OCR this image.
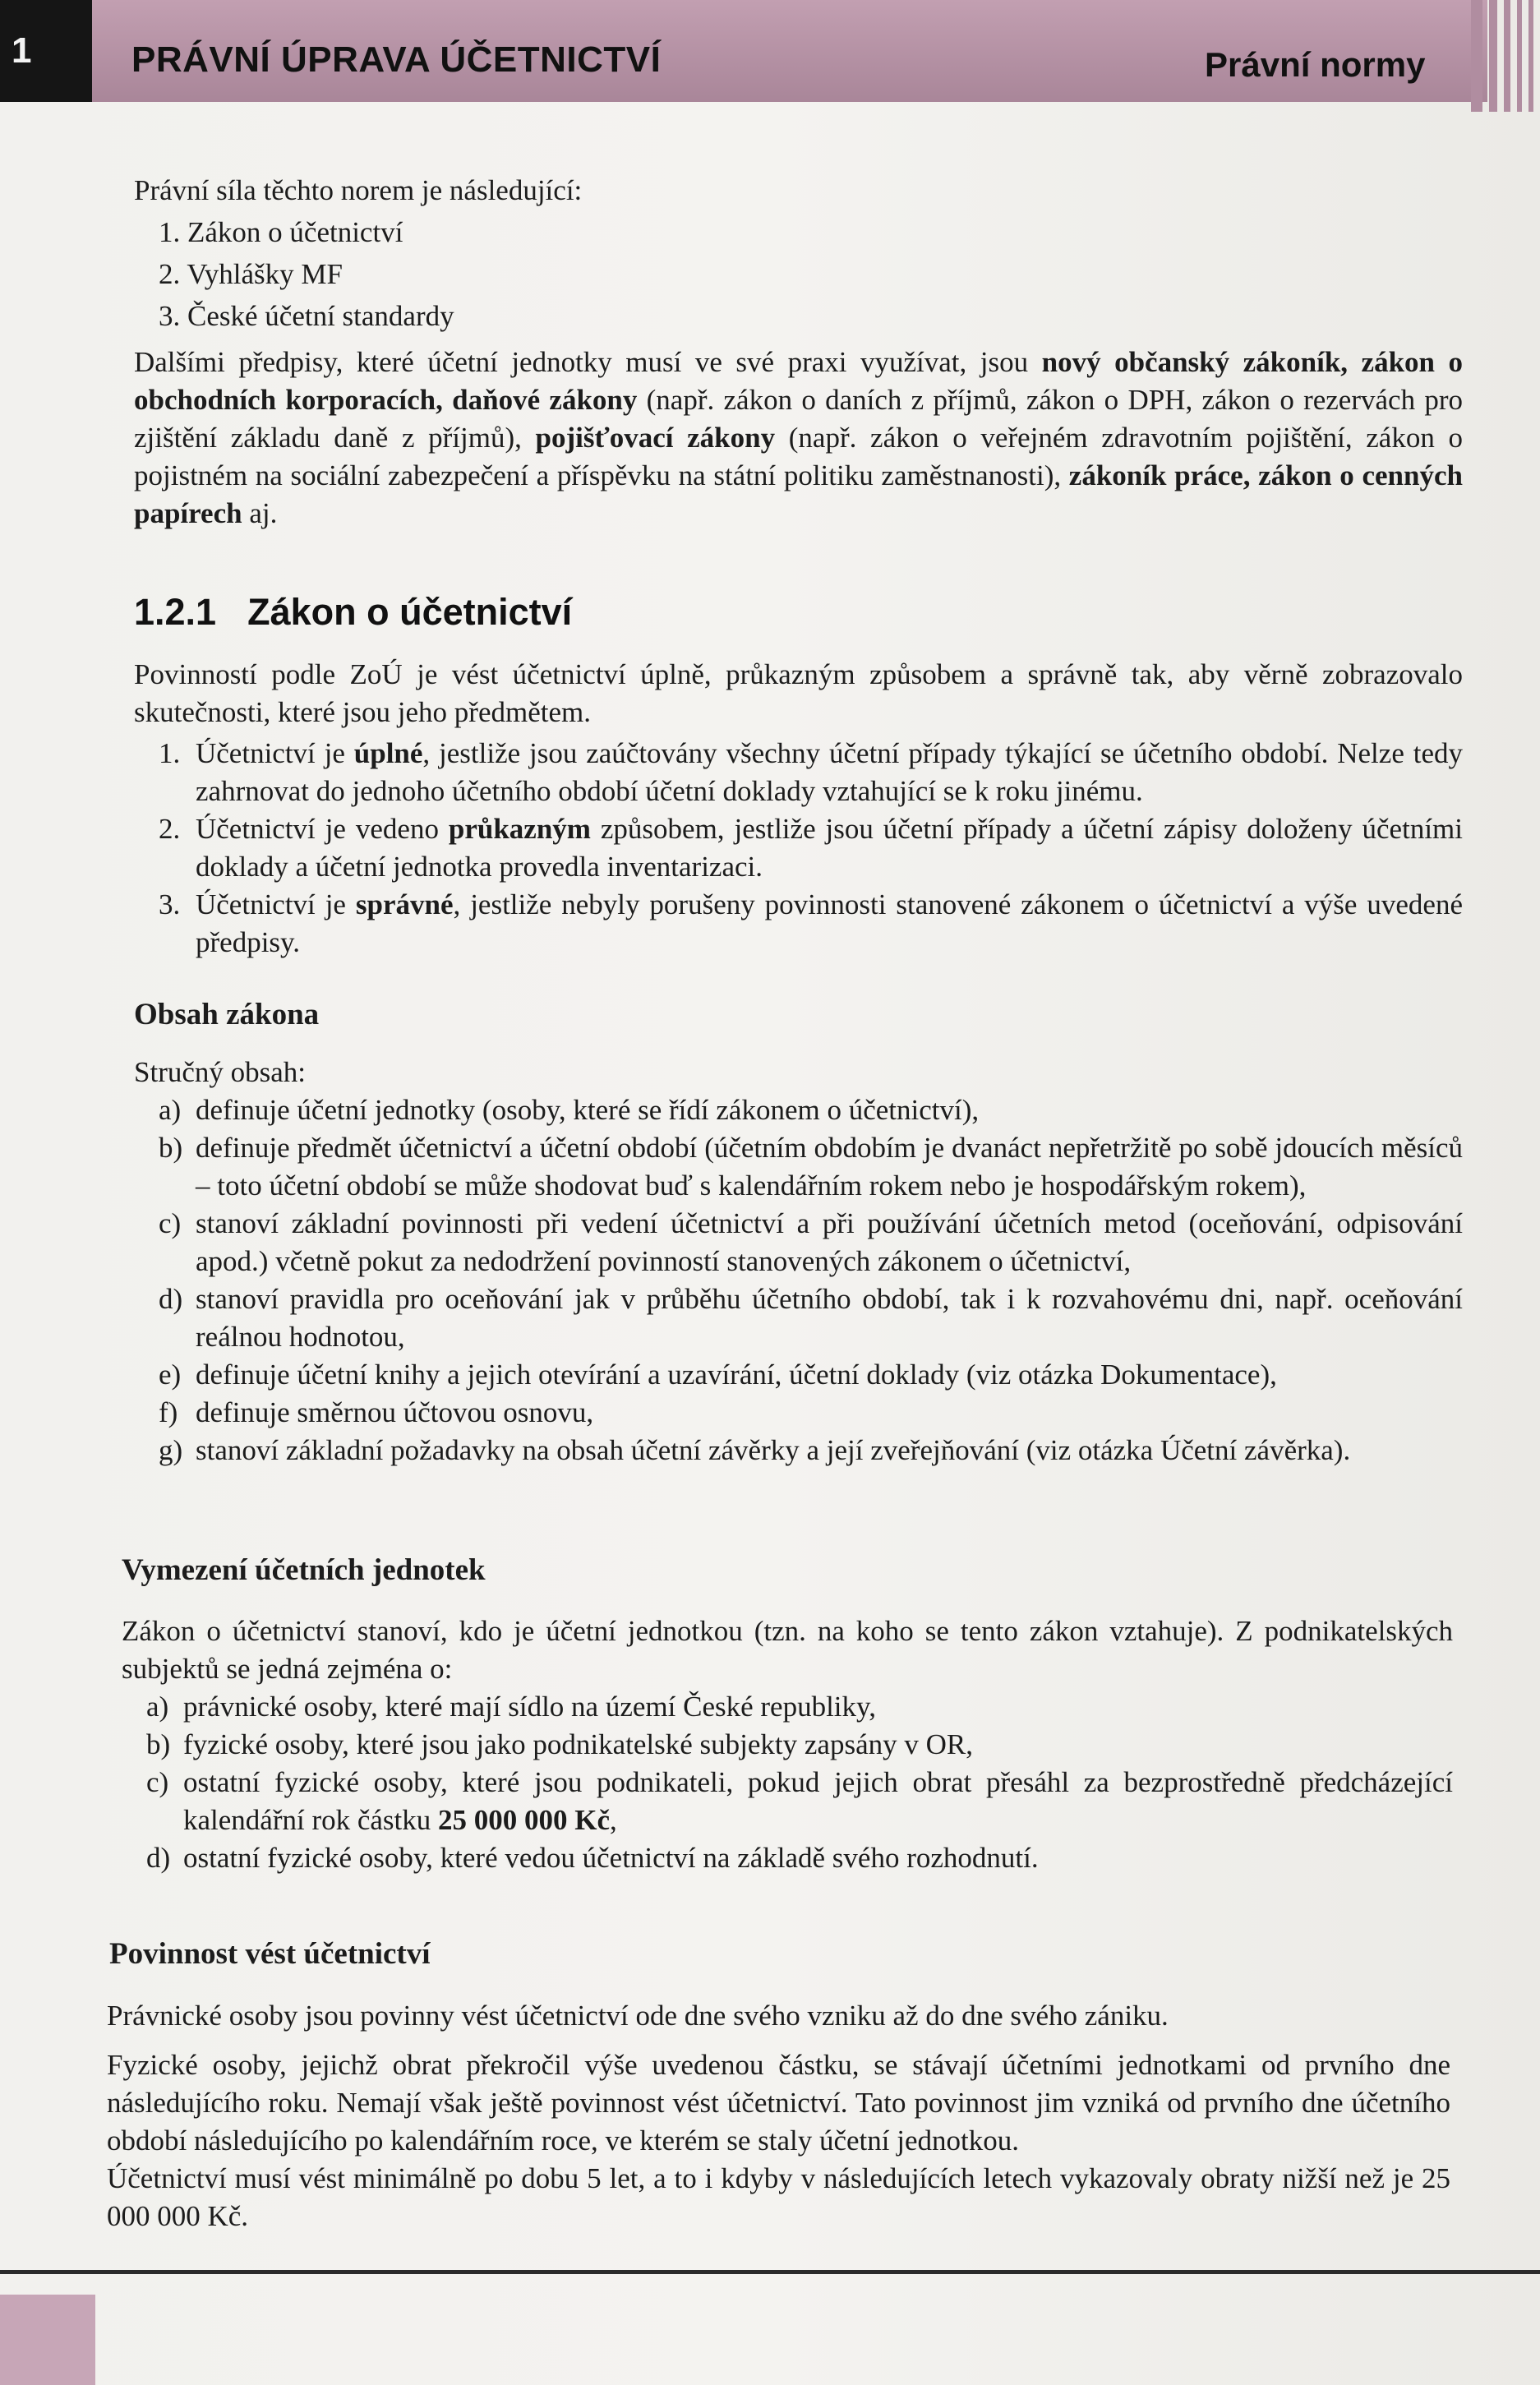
1	PRÁVNÍ ÚPRAVA ÚČETNICTVÍ	Právní normy

Právní síla těchto norem je následující:

1. Zákon o účetnictví

2. Vyhlášky MF

3. České účetní standardy

Dalšími předpisy, které účetní jednotky musí ve své praxi využívat, jsou nový občanský zákoník, zákon o obchodních korporacích, daňové zákony (např. zákon o daních z příjmů, zákon o DPH, zákon o rezervách pro zjištění základu daně z příjmů), pojišťovací zákony (např. zákon o veřejném zdravotním pojištění, zákon o pojistném na sociální zabezpečení a příspěvku na státní politiku zaměstnanosti), zákoník práce, zákon o cenných papírech aj.

1.2.1 Zákon o účetnictví

Povinností podle ZoÚ je vést účetnictví úplně, průkazným způsobem a správně tak, aby věrně zobrazovalo skutečnosti, které jsou jeho předmětem.

1. Účetnictví je úplné, jestliže jsou zaúčtovány všechny účetní případy týkající se účetního období. Nelze tedy zahrnovat do jednoho účetního období účetní doklady vztahující se k roku jinému.
2. Účetnictví je vedeno průkazným způsobem, jestliže jsou účetní případy a účetní zápisy doloženy účetními doklady a účetní jednotka provedla inventarizaci.
3. Účetnictví je správné, jestliže nebyly porušeny povinnosti stanovené zákonem o účetnictví a výše uvedené předpisy.
Obsah zákona

Stručný obsah:

a) definuje účetní jednotky (osoby, které se řídí zákonem o účetnictví),
b) definuje předmět účetnictví a účetní období (účetním obdobím je dvanáct nepřetržitě po sobě jdoucích měsíců – toto účetní období se může shodovat buď s kalendářním rokem nebo je hospodářským rokem),
c) stanoví základní povinnosti při vedení účetnictví a při používání účetních metod (oceňování, odpisování apod.) včetně pokut za nedodržení povinností stanovených zákonem o účetnictví,
d) stanoví pravidla pro oceňování jak v průběhu účetního období, tak i k rozvahovému dni, např. oceňování reálnou hodnotou,
e) definuje účetní knihy a jejich otevírání a uzavírání, účetní doklady (viz otázka Dokumentace),
f) definuje směrnou účtovou osnovu,
g) stanoví základní požadavky na obsah účetní závěrky a její zveřejňování (viz otázka Účetní závěrka).
Vymezení účetních jednotek

Zákon o účetnictví stanoví, kdo je účetní jednotkou (tzn. na koho se tento zákon vztahuje). Z podnikatelských subjektů se jedná zejména o:

a) právnické osoby, které mají sídlo na území České republiky,
b) fyzické osoby, které jsou jako podnikatelské subjekty zapsány v OR,
c) ostatní fyzické osoby, které jsou podnikateli, pokud jejich obrat přesáhl za bezprostředně předcházející kalendářní rok částku 25 000 000 Kč,
d) ostatní fyzické osoby, které vedou účetnictví na základě svého rozhodnutí.
Povinnost vést účetnictví

Právnické osoby jsou povinny vést účetnictví ode dne svého vzniku až do dne svého zániku.

Fyzické osoby, jejichž obrat překročil výše uvedenou částku, se stávají účetními jednotkami od prvního dne následujícího roku. Nemají však ještě povinnost vést účetnictví. Tato povinnost jim vzniká od prvního dne účetního období následujícího po kalendářním roce, ve kterém se staly účetní jednotkou.

Účetnictví musí vést minimálně po dobu 5 let, a to i kdyby v následujících letech vykazovaly obraty nižší než je 25 000 000 Kč.
